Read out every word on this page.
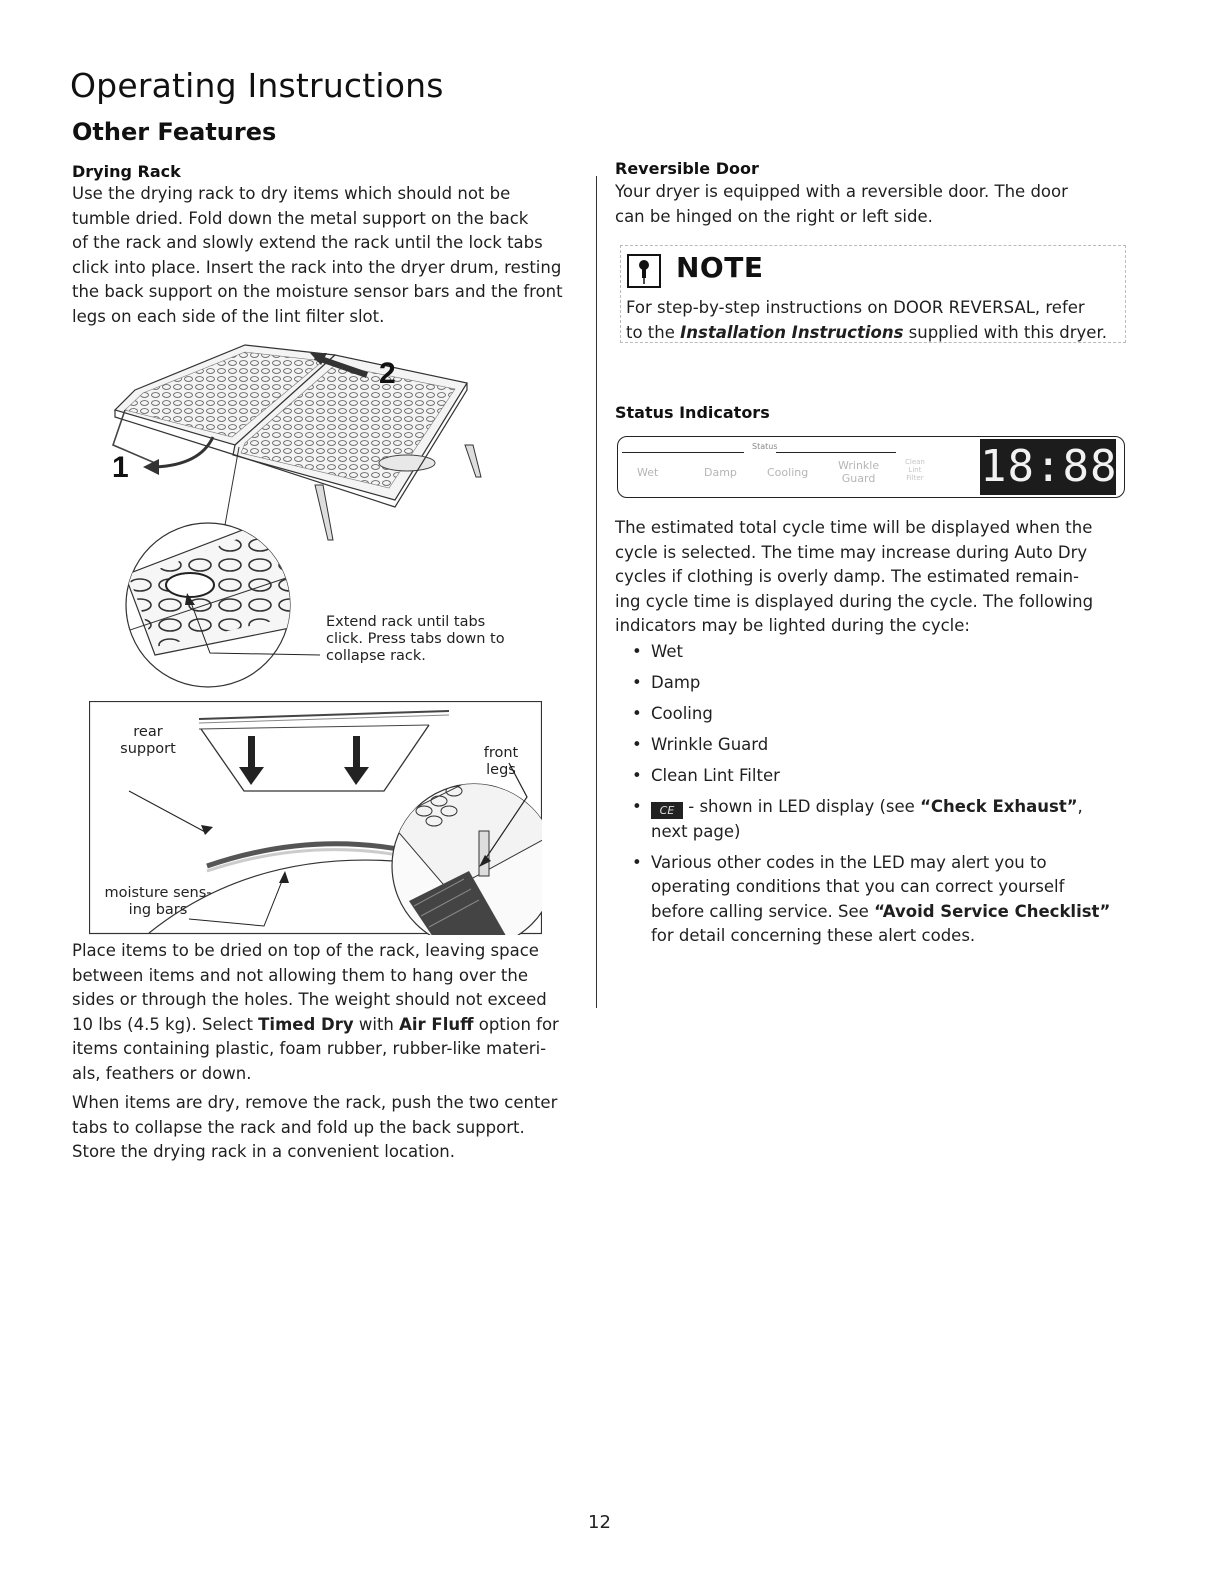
Operating Instructions
Other Features
Drying Rack
Use the drying rack to dry items which should not be
tumble dried. Fold down the metal support on the back
of the rack and slowly extend the rack until the lock tabs
click into place. Insert the rack into the dryer drum, resting
the back support on the moisture sensor bars and the front
legs on each side of the lint filter slot.
2
1
Extend rack until tabs
click. Press tabs down to
collapse rack.
rear
support	front
legs
moisture sens-
ing bars
Place items to be dried on top of the rack, leaving space
between items and not allowing them to hang over the
sides or through the holes. The weight should not exceed
10 lbs (4.5 kg). Select Timed Dry with Air Fluff option for
items containing plastic, foam rubber, rubber-like materi-
als, feathers or down.
When items are dry, remove the rack, push the two center
tabs to collapse the rack and fold up the back support.
Store the drying rack in a convenient location.
Reversible Door
Your dryer is equipped with a reversible door. The door
can be hinged on the right or left side.
NOTE
For step-by-step instructions on DOOR REVERSAL, refer
to the Installation Instructions supplied with this dryer.
Status Indicators
Status
Wet	Damp	Cooling
Wrinkle
Guard
Clean
Lint
Filter 18:88
The estimated total cycle time will be displayed when the
cycle is selected. The time may increase during Auto Dry
cycles if clothing is overly damp. The estimated remain-
ing cycle time is displayed during the cycle. The following
indicators may be lighted during the cycle:
• Wet
• Damp
• Cooling
• Wrinkle Guard
• Clean Lint Filter
• CE - shown in LED display (see “Check Exhaust”,
next page)
• Various other codes in the LED may alert you to
operating conditions that you can correct yourself
before calling service. See “Avoid Service Checklist”
for detail concerning these alert codes.
12
